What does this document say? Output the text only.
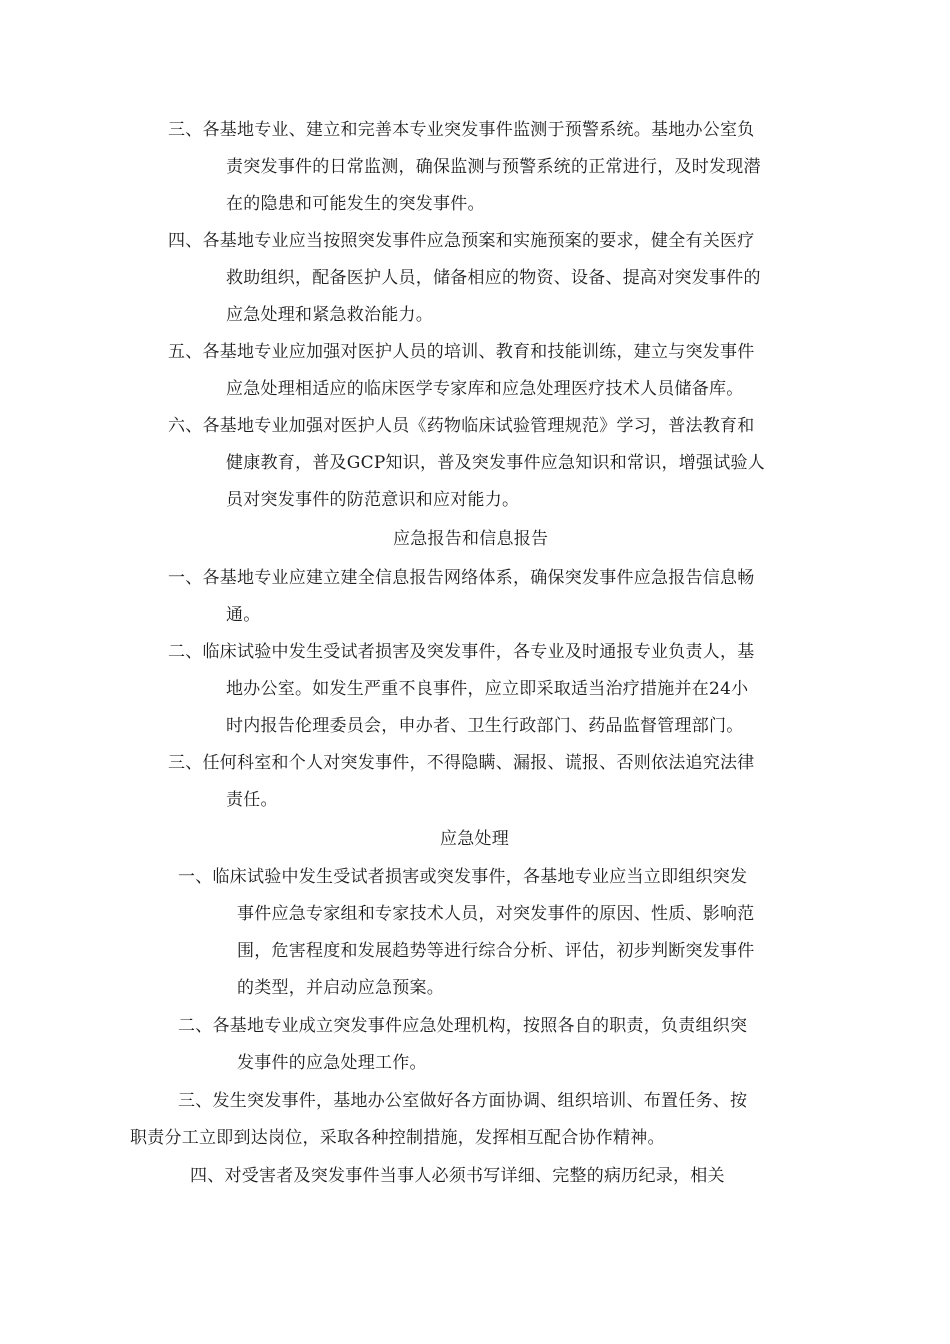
三、各基地专业、建立和完善本专业突发事件监测于预警系统。基地办公室负
责突发事件的日常监测，确保监测与预警系统的正常进行，及时发现潜
在的隐患和可能发生的突发事件。
四、各基地专业应当按照突发事件应急预案和实施预案的要求，健全有关医疗
救助组织，配备医护人员，储备相应的物资、设备、提高对突发事件的
应急处理和紧急救治能力。
五、各基地专业应加强对医护人员的培训、教育和技能训练，建立与突发事件
应急处理相适应的临床医学专家库和应急处理医疗技术人员储备库。
六、各基地专业加强对医护人员《药物临床试验管理规范》学习，普法教育和
健康教育，普及GCP知识，普及突发事件应急知识和常识，增强试验人
员对突发事件的防范意识和应对能力。
应急报告和信息报告
一、各基地专业应建立建全信息报告网络体系，确保突发事件应急报告信息畅
通。
二、临床试验中发生受试者损害及突发事件，各专业及时通报专业负责人，基
地办公室。如发生严重不良事件，应立即采取适当治疗措施并在24小
时内报告伦理委员会，申办者、卫生行政部门、药品监督管理部门。
三、任何科室和个人对突发事件，不得隐瞒、漏报、谎报、否则依法追究法律
责任。
应急处理
一、临床试验中发生受试者损害或突发事件，各基地专业应当立即组织突发
事件应急专家组和专家技术人员，对突发事件的原因、性质、影响范
围，危害程度和发展趋势等进行综合分析、评估，初步判断突发事件
的类型，并启动应急预案。
二、各基地专业成立突发事件应急处理机构，按照各自的职责，负责组织突
发事件的应急处理工作。
三、发生突发事件，基地办公室做好各方面协调、组织培训、布置任务、按
职责分工立即到达岗位，采取各种控制措施，发挥相互配合协作精神。
四、对受害者及突发事件当事人必须书写详细、完整的病历纪录，相关
